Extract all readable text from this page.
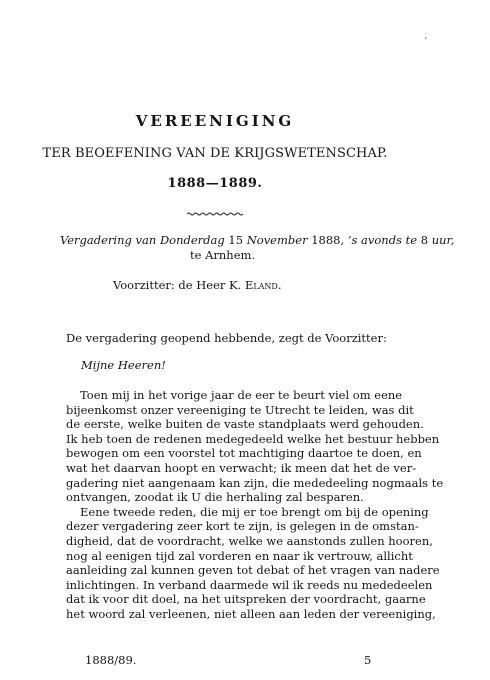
ʼ
VEREENIGING
TER BEOEFENING VAN DE KRIJGSWETENSCHAP.
1888—1889.
Vergadering van Donderdag 15 November 1888, ’s avonds te 8 uur,
te Arnhem.
Voorzitter: de Heer K. Eland.
De vergadering geopend hebbende, zegt de Voorzitter:
Mijne Heeren!
Toen mij in het vorige jaar de eer te beurt viel om eene
bijeenkomst onzer vereeniging te Utrecht te leiden, was dit
de eerste, welke buiten de vaste standplaats werd gehouden.
Ik heb toen de redenen medegedeeld welke het bestuur hebben
bewogen om een voorstel tot machtiging daartoe te doen, en
wat het daarvan hoopt en verwacht; ik meen dat het de ver-
gadering niet aangenaam kan zijn, die mededeeling nogmaals te
ontvangen, zoodat ik U die herhaling zal besparen.
Eene tweede reden, die mij er toe brengt om bij de opening
dezer vergadering zeer kort te zijn, is gelegen in de omstan-
digheid, dat de voordracht, welke we aanstonds zullen hooren,
nog al eenigen tijd zal vorderen en naar ik vertrouw, allicht
aanleiding zal kunnen geven tot debat of het vragen van nadere
inlichtingen. In verband daarmede wil ik reeds nu mededeelen
dat ik voor dit doel, na het uitspreken der voordracht, gaarne
het woord zal verleenen, niet alleen aan leden der vereeniging,
1888/89.	5
